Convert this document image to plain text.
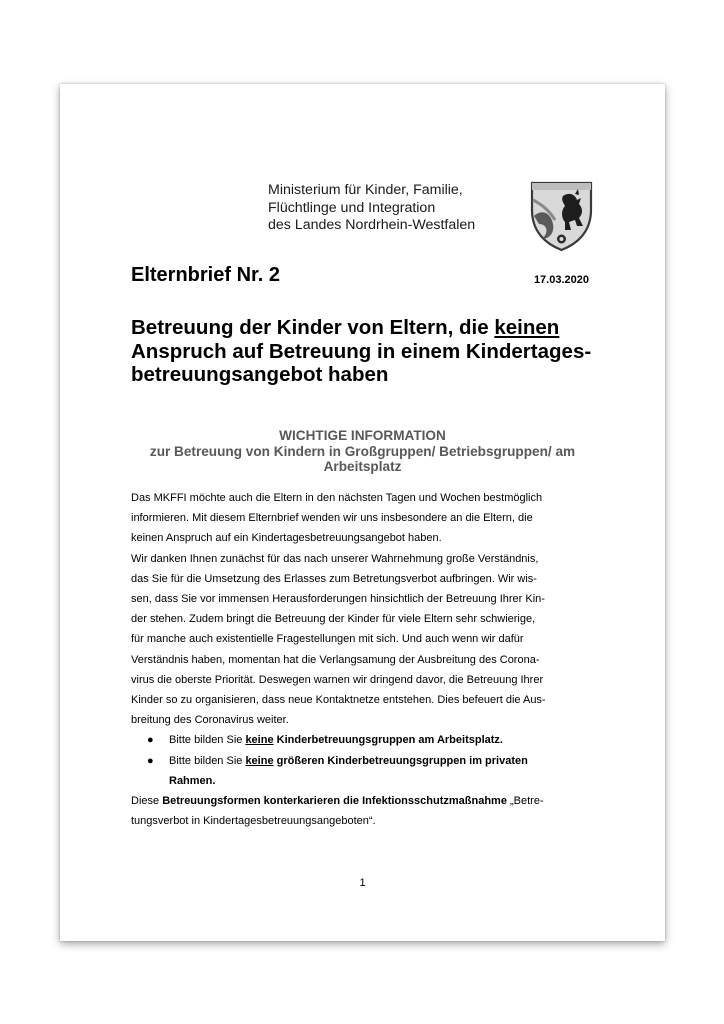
Ministerium für Kinder, Familie,
Flüchtlinge und Integration
des Landes Nordrhein-Westfalen
Elternbrief Nr. 2	17.03.2020
Betreuung der Kinder von Eltern, die keinen
Anspruch auf Betreuung in einem Kindertages-
betreuungsangebot haben
WICHTIGE INFORMATION
zur Betreuung von Kindern in Großgruppen/ Betriebsgruppen/ am
Arbeitsplatz
Das MKFFI möchte auch die Eltern in den nächsten Tagen und Wochen bestmöglich
informieren. Mit diesem Elternbrief wenden wir uns insbesondere an die Eltern, die
keinen Anspruch auf ein Kindertagesbetreuungsangebot haben.
Wir danken Ihnen zunächst für das nach unserer Wahrnehmung große Verständnis,
das Sie für die Umsetzung des Erlasses zum Betretungsverbot aufbringen. Wir wis-
sen, dass Sie vor immensen Herausforderungen hinsichtlich der Betreuung Ihrer Kin-
der stehen. Zudem bringt die Betreuung der Kinder für viele Eltern sehr schwierige,
für manche auch existentielle Fragestellungen mit sich. Und auch wenn wir dafür
Verständnis haben, momentan hat die Verlangsamung der Ausbreitung des Corona-
virus die oberste Priorität. Deswegen warnen wir dringend davor, die Betreuung Ihrer
Kinder so zu organisieren, dass neue Kontaktnetze entstehen. Dies befeuert die Aus-
breitung des Coronavirus weiter.
● Bitte bilden Sie keine Kinderbetreuungsgruppen am Arbeitsplatz.
● Bitte bilden Sie keine größeren Kinderbetreuungsgruppen im privaten
Rahmen.
Diese Betreuungsformen konterkarieren die Infektionsschutzmaßnahme „Betre-
tungsverbot in Kindertagesbetreuungsangeboten“.
1
